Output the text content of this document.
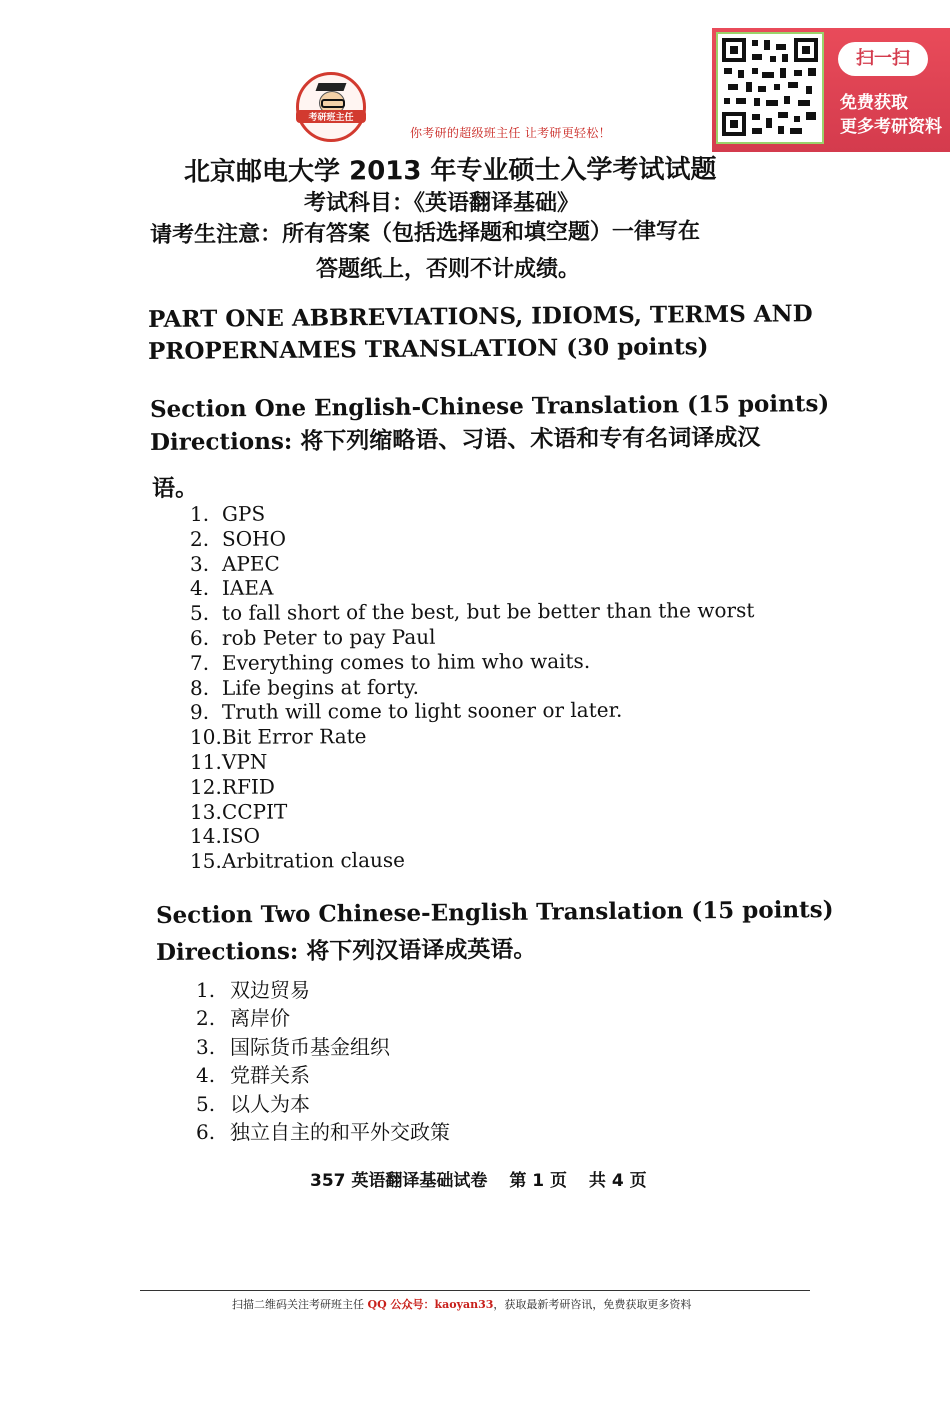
考研班主任
你考研的超级班主任 让考研更轻松！
扫一扫
免费获取
更多考研资料
北京邮电大学 2013 年专业硕士入学考试试题
考试科目：《英语翻译基础》
请考生注意：所有答案（包括选择题和填空题）一律写在
答题纸上，否则不计成绩。
PART ONE ABBREVIATIONS, IDIOMS, TERMS AND
PROPERNAMES TRANSLATION (30 points)
Section One English-Chinese Translation (15 points)
Directions: 将下列缩略语、习语、术语和专有名词译成汉
语。
1. GPS
2. SOHO
3. APEC
4. IAEA
5. to fall short of the best, but be better than the worst
6. rob Peter to pay Paul
7. Everything comes to him who waits.
8. Life begins at forty.
9. Truth will come to light sooner or later.
10.Bit Error Rate
11.VPN
12.RFID
13.CCPIT
14.ISO
15.Arbitration clause
Section Two Chinese-English Translation (15 points)
Directions: 将下列汉语译成英语。
1. 双边贸易
2. 离岸价
3. 国际货币基金组织
4. 党群关系
5. 以人为本
6. 独立自主的和平外交政策
357 英语翻译基础试卷 第 1 页 共 4 页
扫描二维码关注考研班主任 QQ 公众号：kaoyan33，获取最新考研咨讯，免费获取更多资料
